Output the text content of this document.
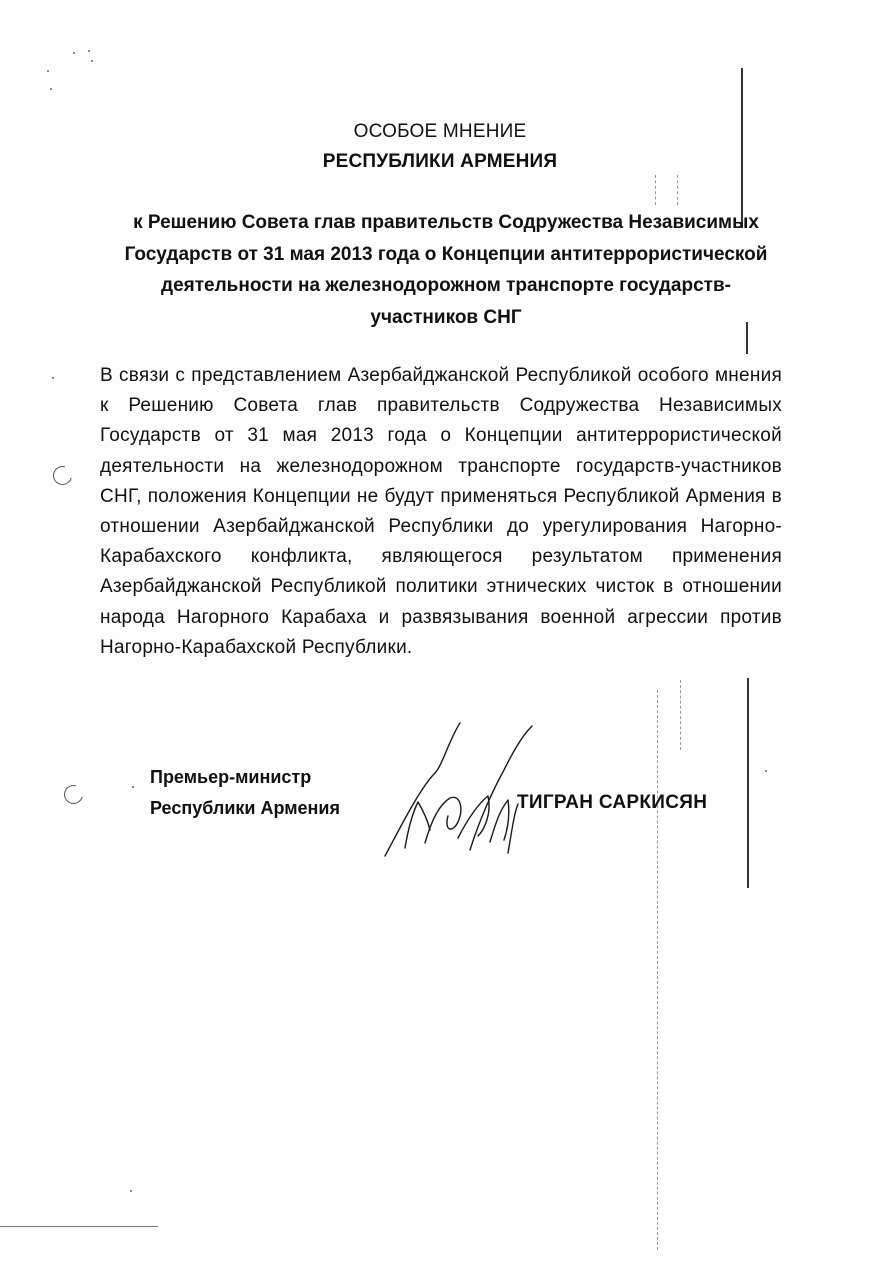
ОСОБОЕ МНЕНИЕ
РЕСПУБЛИКИ АРМЕНИЯ
к Решению Совета глав правительств Содружества Независимых Государств от 31 мая 2013 года о Концепции антитеррористической деятельности на железнодорожном транспорте государств-участников СНГ
В связи с представлением Азербайджанской Республикой особого мнения к Решению Совета глав правительств Содружества Независимых Государств от 31 мая 2013 года о Концепции антитеррористической деятельности на железнодорожном транспорте государств-участников СНГ, положения Концепции не будут применяться Республикой Армения в отношении Азербайджанской Республики до урегулирования Нагорно-Карабахского конфликта, являющегося результатом применения Азербайджанской Республикой политики этнических чисток в отношении народа Нагорного Карабаха и развязывания военной агрессии против Нагорно-Карабахской Республики.
Премьер-министр
Республики Армения	ТИГРАН САРКИСЯН
